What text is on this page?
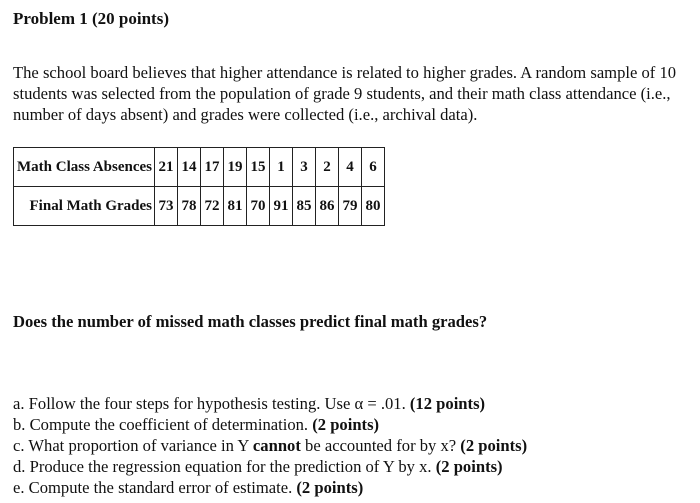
Problem 1 (20 points)
The school board believes that higher attendance is related to higher grades. A random sample of 10 students was selected from the population of grade 9 students, and their math class attendance (i.e., number of days absent) and grades were collected (i.e., archival data).
Math Class Absences	21	14	17	19	15	1	3	2	4	6
Final Math Grades	73	78	72	81	70	91	85	86	79	80
Does the number of missed math classes predict final math grades?
a. Follow the four steps for hypothesis testing. Use α = .01. (12 points)
b. Compute the coefficient of determination. (2 points)
c. What proportion of variance in Y cannot be accounted for by x? (2 points)
d. Produce the regression equation for the prediction of Y by x. (2 points)
e. Compute the standard error of estimate. (2 points)
